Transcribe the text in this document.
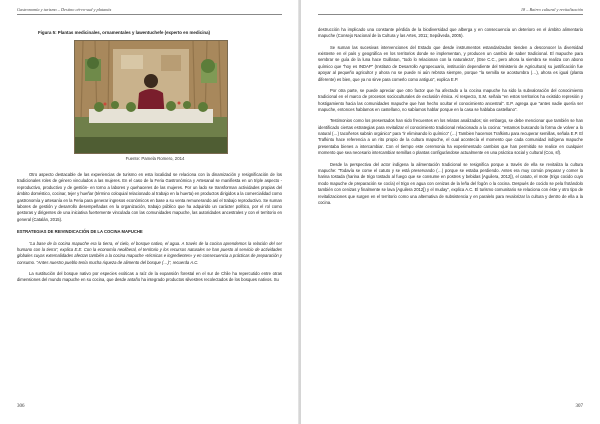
Gastronomía y turismo – Destino cérvo-sud y platanás
Figura 5: Plantas medicinales, ornamentales y lawentuchefe (experto en medicina)
Fuente: Pamela Romero, 2014

Otro aspecto destacable de las experiencias de turismo en esta localidad se relaciona con la dinamización y resignificación de los tradicionales roles de género vinculados a las mujeres. En el caso de la Feria Gastronómica y Artesanal se manifiesta en un triple aspecto -reproductivo, productivo y de gestión- en torno a labores y quehaceres de las mujeres. Por un lado se transforman actividades propias del ámbito doméstico, cocinar, tejer y hueñar (término coloquial relacionado al trabajo en la huerta) en productos dirigidos a la comercialidad como gastronomía y artesanía en la Feria para generar ingresos económicos en base a su venta remunerando así el trabajo reproductivo. Se suman labores de gestión y desarrollo desempeñadas en la organización, trabajo público que ha adquirido un carácter político, por el rol como gestoras y dirigentes de una iniciativa fuertemente vinculada con las comunidades mapuche, las autoridades ancestrales y con el territorio en general (Catalán, 2015).

ESTRATEGIAS DE REIVINDICACIÓN DE LA COCINA MAPUCHE

“La base de la cocina mapuche era la tierra, el cielo, el bosque nativo, el agua. A través de la cocina aprendemos la relación del ser humano con la tierra”, explica E.E. Con la economía neoliberal, el territorio y los recursos naturales se han puesto al servicio de actividades globales cuyas externalidades afectan también a la cocina mapuche «técnicas e ingredientes» y en consecuencia a prácticas de preparación y consumo. “Antes nuestro pueblo tenía mucha riqueza de alimento del bosque (…)”, recuerda A.C.

La sustitución del bosque nativo por especies exóticas a raíz de la expansión forestal en el sur de Chile ha repercutido entre otras dimensiones del mundo mapuche en su cocina, que desde antaño ha integrado productos silvestres recolectados de los bosques nativos. Su

306
18 – Bairro cultural y revitalización

destrucción ha implicado una constante pérdida de la biodiversidad que alberga y en consecuencia un deterioro en el ámbito alimentario mapuche (Consejo Nacional de la Cultura y las Artes, 2011; Sepúlveda, 2005).

Se suman las sucesivas intervenciones del Estado que desde instrumentos estandarizados tienden a desconocer la diversidad existente en el país y geográfica en los territorios donde se implementan, y producen un cambio de saber tradicional. El mapuche para sembrar se guía de la luna hace Guillatun, “todo lo relacionan con la naturaleza”, (Ese C.C., pero ahora la siembra se realiza con abono químico que “hoy es INDAP” (Instituto de Desarrollo Agropecuario, institución dependiente del Ministerio de Agricultura) su justificación fue apoyar al pequeño agricultor y ahora no se puede ni aún rebrota siempre, porque “la semilla se acostumbra (…), ahora es igual (planta diferente) es bien, que ya no sirve para comerlo como antiguo”, explica E.P.

Por otra parte, se puede apreciar que otro factor que ha afectado a la cocina mapuche ha sido la subvaloración del conocimiento tradicional en el marco de procesos socioculturales de exclusión étnica. Al respecto, S.M. señala “en estos territorios ha existido represión y hostigamiento hacia las comunidades mapuche que han hecho ocultar el conocimiento ancestral”. E.P. agrega que “antes nadie quería ser mapuche, entonces hablamos en castellano, no sabíamos hablar porque en la casa se hablaba castellano”.

Testimonios como los presentados han sido frecuentes en los relatos analizados; sin embargo, se debe mencionar que también se han identificado ciertas estrategias para revitalizar el conocimiento tradicional relacionado a la cocina: “estamos buscando la forma de volver a lo natural (…) tacoñeros sabrán orgánico” para “ir eliminando lo químico” (…) Tambien hacemos Trafkintu para recuperar semillas, señala E.P. El Trafkintu hace referencia a un rito propio de la cultura mapuche, el cual acontecía el momento que cada comunidad indígena mapuche presentaba bienes a intercambiar. Con el tiempo este ceremonia ha experimentado cambios que han permitido se realice en cualquier momento que sea necesario intercambiar semillas o plantas configurándose actualmente en una práctica social y cultural (Coo, sf).

Desde la perspectiva del actor indígena la alimentación tradicional se resignifica porque a través de ella se revitaliza la cultura mapuche: “Todavía se come el catuto y se está preservando (…) porque se estaba perdiendo. Antes era muy común preparar y comer la harina tostada (harina de trigo tostado al fuego que se consume en postres y bebidas [Aguilera, 2012]), el catuto, el mote (trigo cocido cuyo modo mapuche de preparación se cocía) el trigo en agua con cenizas de la leña del fogón o la cocina. Después de cocido se pela frotándolo también con cenizas y finalmente se lava [Aguilera 2012]) y el muday”, explica A.C. El turismo comunitario se relaciona con éste y otro tipo de revitalizaciones que surgen en el territorio como una alternativa de subsistencia y en paralelo para revalorizar la cultura y dentro de ella a la cocina.

307
